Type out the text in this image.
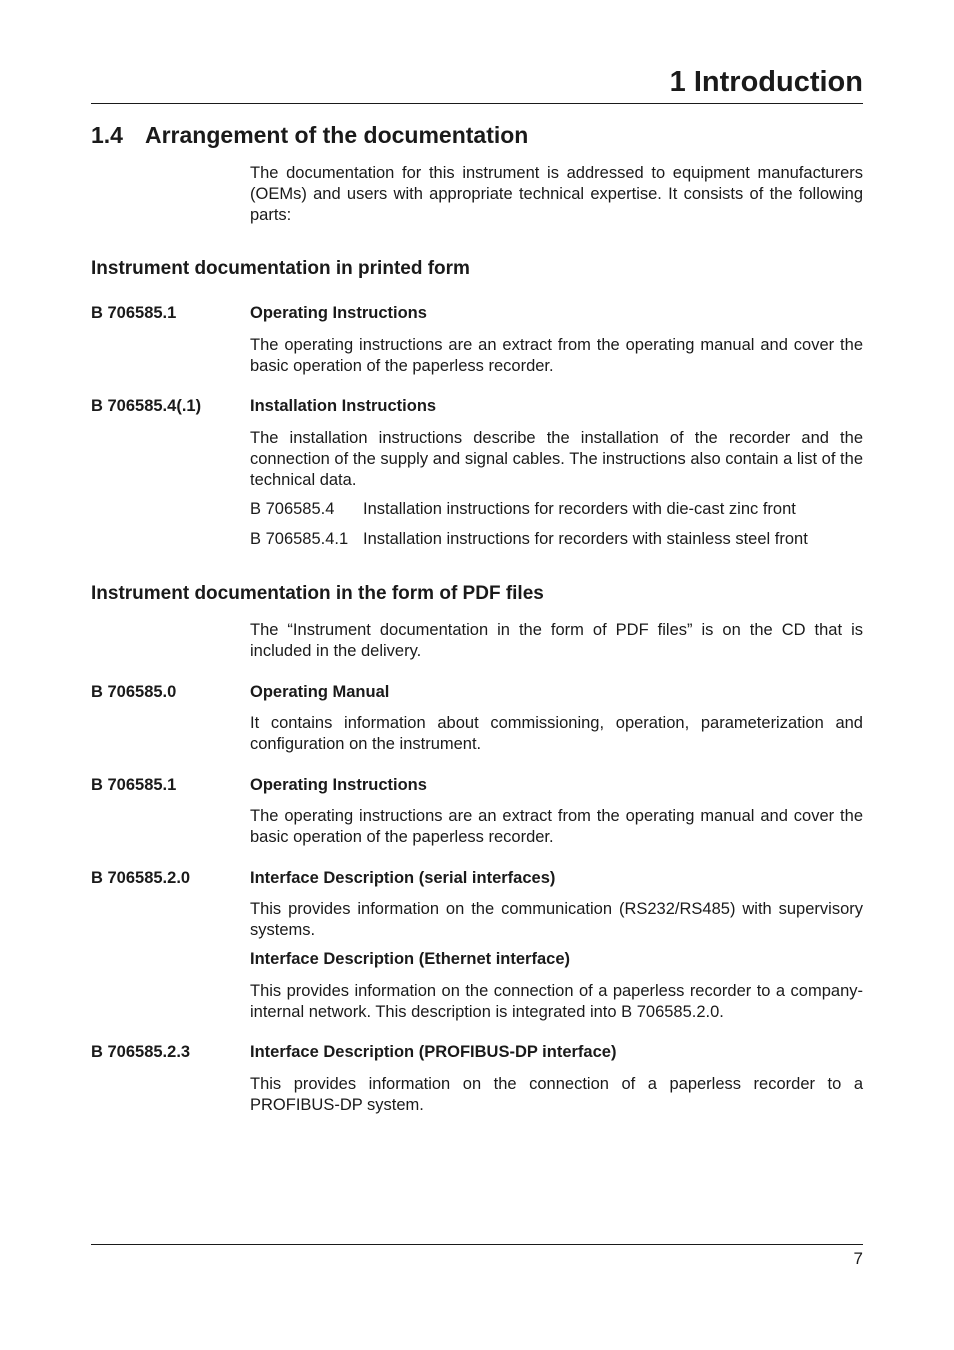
1 Introduction
1.4 Arrangement of the documentation

The documentation for this instrument is addressed to equipment manufacturers (OEMs) and users with appropriate technical expertise. It consists of the following parts:

Instrument documentation in printed form
B 706585.1	Operating Instructions

The operating instructions are an extract from the operating manual and cover the basic operation of the paperless recorder.

B 706585.4(.1)	Installation Instructions

The installation instructions describe the installation of the recorder and the connection of the supply and signal cables. The instructions also contain a list of the technical data.

B 706585.4 Installation instructions for recorders with die-cast zinc front
B 706585.4.1 Installation instructions for recorders with stainless steel front
Instrument documentation in the form of PDF files

The “Instrument documentation in the form of PDF files” is on the CD that is included in the delivery.

B 706585.0	Operating Manual

It contains information about commissioning, operation, parameterization and configuration on the instrument.

B 706585.1	Operating Instructions

The operating instructions are an extract from the operating manual and cover the basic operation of the paperless recorder.

B 706585.2.0	Interface Description (serial interfaces)

This provides information on the communication (RS232/RS485) with supervisory systems.

Interface Description (Ethernet interface)

This provides information on the connection of a paperless recorder to a company-internal network. This description is integrated into B 706585.2.0.

B 706585.2.3	Interface Description (PROFIBUS-DP interface)

This provides information on the connection of a paperless recorder to a PROFIBUS-DP system.

7
